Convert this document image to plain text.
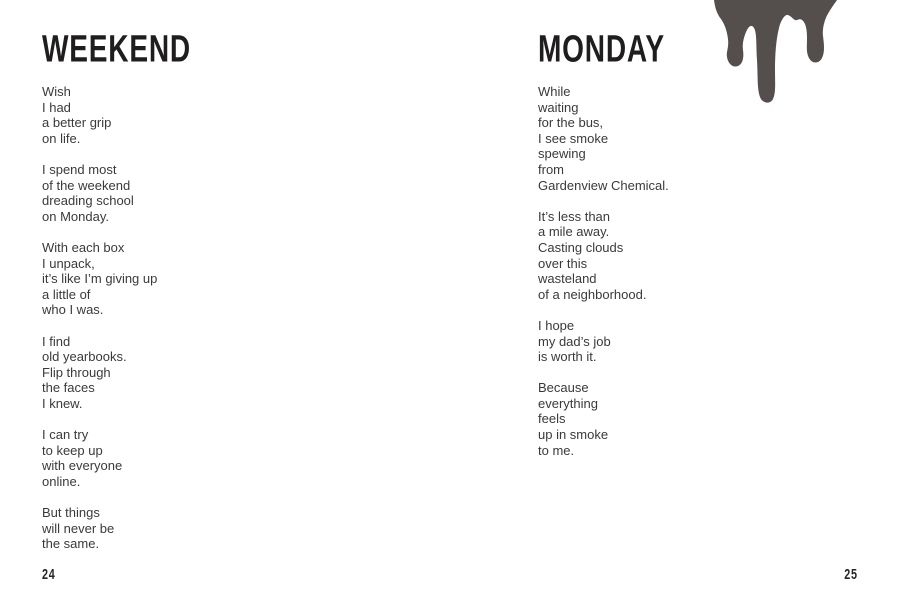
WEEKEND
Wish
I had
a better grip
on life.
I spend most
of the weekend
dreading school
on Monday.
With each box
I unpack,
it’s like I’m giving up
a little of
who I was.
I find
old yearbooks.
Flip through
the faces
I knew.
I can try
to keep up
with everyone
online.
But things
will never be
the same.
24
MONDAY
While
waiting
for the bus,
I see smoke
spewing
from
Gardenview Chemical.
It’s less than
a mile away.
Casting clouds
over this
wasteland
of a neighborhood.
I hope
my dad’s job
is worth it.
Because
everything
feels
up in smoke
to me.
25
